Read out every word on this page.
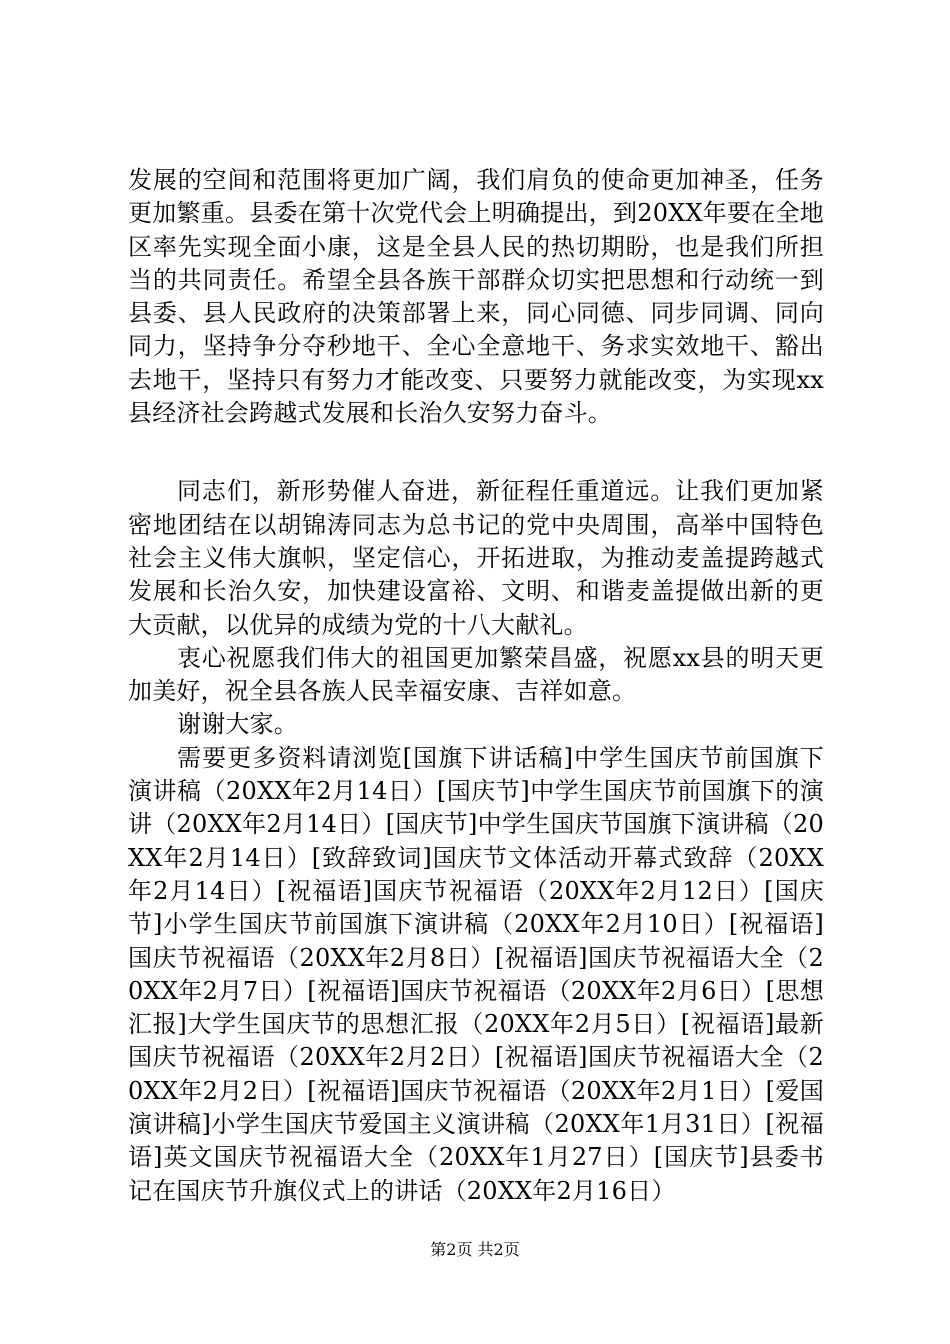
发展的空间和范围将更加广阔，我们肩负的使命更加神圣，任务更加繁重。县委在第十次党代会上明确提出，到20XX年要在全地区率先实现全面小康，这是全县人民的热切期盼，也是我们所担当的共同责任。希望全县各族干部群众切实把思想和行动统一到县委、县人民政府的决策部署上来，同心同德、同步同调、同向同力，坚持争分夺秒地干、全心全意地干、务求实效地干、豁出去地干，坚持只有努力才能改变、只要努力就能改变，为实现xx县经济社会跨越式发展和长治久安努力奋斗。

同志们，新形势催人奋进，新征程任重道远。让我们更加紧密地团结在以胡锦涛同志为总书记的党中央周围，高举中国特色社会主义伟大旗帜，坚定信心，开拓进取，为推动麦盖提跨越式发展和长治久安，加快建设富裕、文明、和谐麦盖提做出新的更大贡献，以优异的成绩为党的十八大献礼。

衷心祝愿我们伟大的祖国更加繁荣昌盛，祝愿xx县的明天更加美好，祝全县各族人民幸福安康、吉祥如意。

谢谢大家。

需要更多资料请浏览[国旗下讲话稿]中学生国庆节前国旗下演讲稿（20XX年2月14日）[国庆节]中学生国庆节前国旗下的演讲（20XX年2月14日）[国庆节]中学生国庆节国旗下演讲稿（20XX年2月14日）[致辞致词]国庆节文体活动开幕式致辞（20XX年2月14日）[祝福语]国庆节祝福语（20XX年2月12日）[国庆节]小学生国庆节前国旗下演讲稿（20XX年2月10日）[祝福语]国庆节祝福语（20XX年2月8日）[祝福语]国庆节祝福语大全（20XX年2月7日）[祝福语]国庆节祝福语（20XX年2月6日）[思想汇报]大学生国庆节的思想汇报（20XX年2月5日）[祝福语]最新国庆节祝福语（20XX年2月2日）[祝福语]国庆节祝福语大全（20XX年2月2日）[祝福语]国庆节祝福语（20XX年2月1日）[爱国演讲稿]小学生国庆节爱国主义演讲稿（20XX年1月31日）[祝福语]英文国庆节祝福语大全（20XX年1月27日）[国庆节]县委书记在国庆节升旗仪式上的讲话（20XX年2月16日）

第2页 共2页
